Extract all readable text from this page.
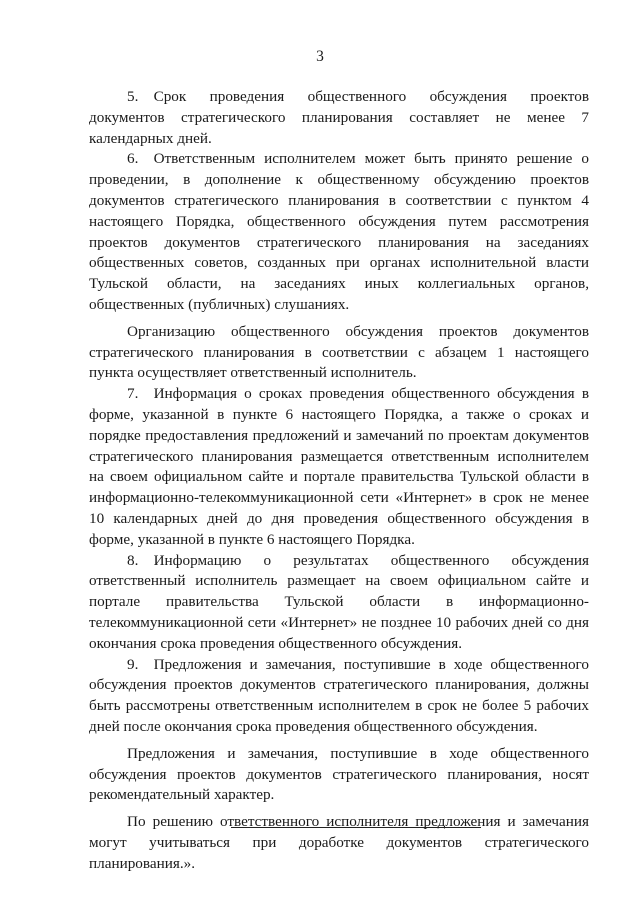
3

5. Срок проведения общественного обсуждения проектов документов стратегического планирования составляет не менее 7 календарных дней.

6. Ответственным исполнителем может быть принято решение о проведении, в дополнение к общественному обсуждению проектов документов стратегического планирования в соответствии с пунктом 4 настоящего Порядка, общественного обсуждения путем рассмотрения проектов документов стратегического планирования на заседаниях общественных советов, созданных при органах исполнительной власти Тульской области, на заседаниях иных коллегиальных органов, общественных (публичных) слушаниях.

Организацию общественного обсуждения проектов документов стратегического планирования в соответствии с абзацем 1 настоящего пункта осуществляет ответственный исполнитель.

7. Информация о сроках проведения общественного обсуждения в форме, указанной в пункте 6 настоящего Порядка, а также о сроках и порядке предоставления предложений и замечаний по проектам документов стратегического планирования размещается ответственным исполнителем на своем официальном сайте и портале правительства Тульской области в информационно-телекоммуникационной сети «Интернет» в срок не менее 10 календарных дней до дня проведения общественного обсуждения в форме, указанной в пункте 6 настоящего Порядка.

8. Информацию о результатах общественного обсуждения ответственный исполнитель размещает на своем официальном сайте и портале правительства Тульской области в информационно-телекоммуникационной сети «Интернет» не позднее 10 рабочих дней со дня окончания срока проведения общественного обсуждения.

9. Предложения и замечания, поступившие в ходе общественного обсуждения проектов документов стратегического планирования, должны быть рассмотрены ответственным исполнителем в срок не более 5 рабочих дней после окончания срока проведения общественного обсуждения.

Предложения и замечания, поступившие в ходе общественного обсуждения проектов документов стратегического планирования, носят рекомендательный характер.

По решению ответственного исполнителя предложения и замечания могут учитываться при доработке документов стратегического планирования.».
